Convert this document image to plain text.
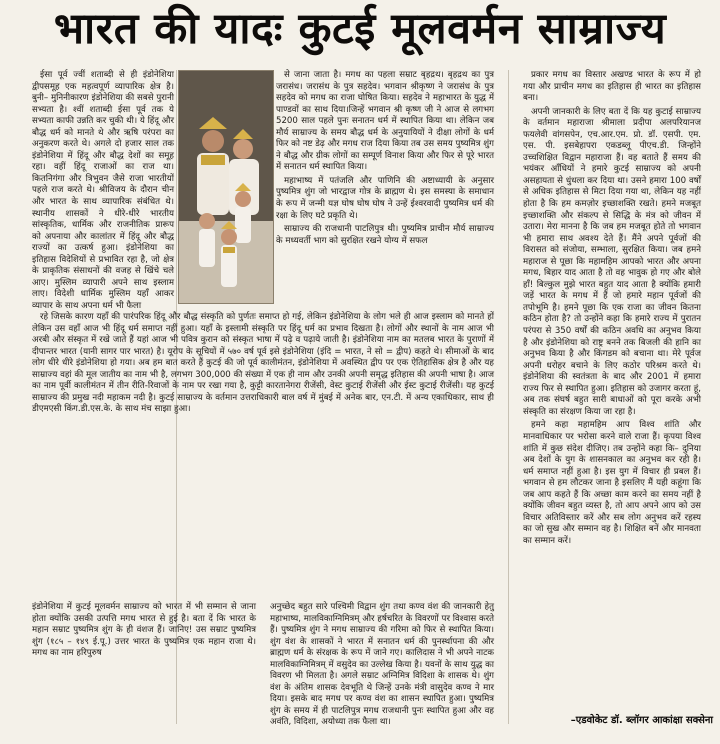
भारत की यादः कुटई मूलवर्मन साम्राज्य

ईसा पूर्व ज्वीं शताब्दी से ही इंडोनेशिया द्वीपसमूह एक महत्वपूर्ण व्यापारिक क्षेत्र है। बुनी– मुनिनीकारण इंडोनेशिया की सबसे पुरानी सभ्यता है। श्वीं शताब्दी ईसा पूर्व तक ये सभ्यता काफी उन्नति कर चुकी थी। ये हिंदू और बौद्ध धर्म को मानते थे और ऋषि परंपरा का अनुकरण करते थे। अगले दो हजार साल तक इंडोनेशिया में हिंदू और बौद्ध देशों का समूह रहा। वहीं हिंदू राजाओं का राज था। कितनिगंगा और त्रिभुवन जैसे राजा भारतीयों पहले राज करते थे। श्रीविजय के दौरान चीन और भारत के साथ व्यापारिक संबंधित थे। स्थानीय शासकों ने धीरे-धीरे भारतीय सांस्कृतिक, धार्मिक और राजनीतिक प्रारूप को अपनाया और कालांतर में हिंदू और बौद्ध राज्यों का उत्कर्ष हुआ। इंडोनेशिया का इतिहास विदेशियों से प्रभावित रहा है, जो क्षेत्र के प्राकृतिक संसाधनों की वजह से खिंचे चले आए। मुस्लिम व्यापारी अपने साथ इस्लाम लाए। विदेशी धार्मिक मुस्लिम यहाँ आकर व्यापार के साथ अपना धर्म भी फैला

से जाना जाता है। मगध का पहला सम्राट बृहद्रथ। बृहद्रथ का पुत्र जरासंध। जरासंध के पुत्र सहदेव। भगवान श्रीकृष्ण ने जरासंध के पुत्र सहदेव को मगध का राजा घोषित किया। सहदेव ने महाभारत के युद्ध में पाण्डवों का साथ दिया।जिन्हें भगवान श्री कृष्ण जी ने आज से लगभग 5200 साल पहले पुनः सनातन धर्म में स्थापित किया था। लेकिन जब मौर्य साम्राज्य के समय बौद्ध धर्म के अनुयायियों ने दीक्षा लोगों के धर्म फिर को नष्ट डेढ़ और मगध राज दिया किया तब उस समय पुष्यमित्र शुंग ने बौद्ध और ग्रीक लोगों का सम्पूर्ण विनाश किया और फिर से पूरे भारत में सनातन धर्म स्थापित किया।

महाभाष्य में पतंजलि और पाणिनि की अष्टाध्यायी के अनुसार पुष्यमित्र शुंग जो भारद्वाज गोत्र के ब्राह्मण थे। इस समस्या के समाधान के रूप में जन्मी यज्ञ घोष घोष घोष ने उन्हें ईश्वरवादी पुष्यमित्र धर्म की रक्षा के लिए घटे प्रकृति थे।

साम्राज्य की राजधानी पाटलिपुत्र थी। पुष्यमित्र प्राचीन मौर्य साम्राज्य के मध्यवर्ती भाग को सुरक्षित रखने योग्य में सफल

रहे जिसके कारण यहाँ की पारंपरिक हिंदू और बौद्ध संस्कृति को पुर्णतः समाप्त हो गई, लेकिन इंडोनेशिया के लोग भले ही आज इस्लाम को मानते हों लेकिन उस वहाँ आज भी हिंदू धर्म समाप्त नहीं हुआ। यहाँ के इस्लामी संस्कृति पर हिंदू धर्म का प्रभाव दिखता है। लोगों और स्थानों के नाम आज भी अरबी और संस्कृत में रखे जाते हैं यहां आज भी पवित्र कुरान को संस्कृत भाषा में पढ़े व पढ़ाये जाती है। इंडोनेशिया नाम का मतलब भारत के पुराणों में दीपान्तर भारत (यानी सागर पार भारत) है। यूरोप के सूचियों में ५७० वर्ष पूर्व इसे इंडोनेशिया (इंदि = भारत, ने सो = द्वीप) कहते थे। सीमाओं के बाद लोग धीरे धीरे इंडोनेशिया हो गया। अब हम बात करते हैं कुटई की जो पूर्व कालीमंतन, इंडोनेशिया में अवस्थित द्वीप पर एक ऐतिहासिक क्षेत्र है और यह साम्राज्य वहां की मूल जातीय का नाम भी है, लगभग 300,000 की संख्या में एक ही नाम और उनकी अपनी समृद्ध इतिहास की अपनी भाषा है। आज का नाम पूर्वी कालीमंतन में तीन रीति-रिवाजों के नाम पर रखा गया है, कुट्टी कारतानेगरा रीजेंसी, वेस्ट कुटाई रीजेंसी और ईस्ट कुटाई रीजेंसी। यह कुटई साम्राज्य की प्रमुख नदी महाकम नदी है। कुटई साम्राज्य के वर्तमान उत्तराधिकारी बाल वर्ष में मुंबई में अनेक बार, एन.टी. में अन्य एकाधिकार, साथ ही डीएमएसी किंग.डी.एस.के. के साथ मंच साझा हुआ।

इंडोनेशिया में कुटई मूलवर्मन साम्राज्य को भारत में भी सम्मान से जाना होता क्योंकि उसकी उत्पत्ति मगध भारत से हुई है। बता दें कि भारत के महान सम्राट पुष्यमित्र शुंग के ही वंशज हैं। जानिए! उस सम्राट पुष्यमित्र शुंग (१८५ – १४९ ई.पू.) उत्तर भारत के पुष्यमित्र एक महान राजा थे। मगध का नाम हरिपुरुष
अनुच्छेद बहुत सारे पश्चिमी विद्वान शुंग तथा कण्व वंश की जानकारी हेतु महाभाष्य, मालविकाग्निमित्रम् और हर्षचरित के विवरणों पर विश्वास करते हैं। पुष्यमित्र शुंग ने मगध साम्राज्य की गरिमा को फिर से स्थापित किया। शुंग वंश के शासकों ने भारत में सनातन धर्म की पुनर्स्थापना की और ब्राह्मण धर्म के संरक्षक के रूप में जाने गए। कालिदास ने भी अपने नाटक मालविकाग्निमित्रम् में वसुदेव का उल्लेख किया है। यवनों के साथ युद्ध का विवरण भी मिलता है। अगले सम्राट अग्निमित्र विदिशा के शासक थे। शुंग वंश के अंतिम शासक देवभूति थे जिन्हें उनके मंत्री वासुदेव कण्व ने मार दिया। इसके बाद मगध पर कण्व वंश का शासन स्थापित हुआ। पुष्यमित्र शुंग के समय में ही पाटलिपुत्र मगध राजधानी पुनः स्थापित हुआ और वह अवंति, विदिशा, अयोध्या तक फैला था।

प्रकार मगध का विस्तार अखण्ड भारत के रूप में हो गया और प्राचीन मगध का इतिहास ही भारत का इतिहास बना।

अपनी जानकारी के लिए बता दें कि यह कुटाई साम्राज्य के वर्तमान महाराजा श्रीमाला प्रदीपा अलपरियानज फयलेवी वांगसपेन, एच.आर.एम. प्रो. डॉ. एसपी. एम. एस. पी. इसबेहापरा एकडब्लू पीएच.डी. जिन्होंने उच्चशिक्षित विद्वान महाराजा हैं। वह बताते हैं समय की भयंकर आँधियों ने हमारे कुटई साम्राज्य को अपनी असहायता से धुंधला कर दिया था। उसने हमारा 100 वर्षों से अधिक इतिहास से मिटा दिया गया था, लेकिन यह नहीं होता है कि हम कमज़ोर इच्छाशक्ति रखते। हमने मजबूत इच्छाशक्ति और संकल्प से सिद्धि के मंत्र को जीवन में उतारा। मेरा मानना है कि जब हम मजबूत होते तो भगवान भी हमारा साथ अवश्य देते हैं। मैंने अपने पूर्वजों की विरासत को संजोया, सम्भाला, सुरक्षित किया। जब हमने महाराज से पूछा कि महामहिम आपको भारत और अपना मगध, बिहार याद आता है तो वह भावुक हो गए और बोले हाँ! बिल्कुल मुझे भारत बहुत याद आता है क्योंकि हमारी जड़ें भारत के मगध में हैं जो हमारे महान पूर्वजों की तपोभूमि है। हमने पूछा कि एक राजा का जीवन कितना कठिन होता है? तो उन्होंने कहा कि हमारे राज्य में पुरातन परंपरा से 350 वर्षों की कठिन अवधि का अनुभव किया है और इंडोनेशिया को राष्ट्र बनने तक बिजली की हानि का अनुभव किया है और किंगडम को बचाना था। मेरे पूर्वज अपनी धरोहर बचाने के लिए कठोर परिश्रम करते थे। इंडोनेशिया की स्वतंत्रता के बाद और 2001 में हमारा राज्य फिर से स्थापित हुआ। इतिहास को उजागर करता हूं, अब तक संघर्ष बहुत सारी बाधाओं को पूरा करके अभी संस्कृति का संरक्षण किया जा रहा है।

हमने कहा महामहिम आप विश्व शांति और मानवाधिकार पर भरोसा करने वाले राजा हैं। कृपया विश्व शांति में कुछ संदेश दीजिए। तब उन्होंने कहा कि– दुनिया अब देशों के युग के शासनकाल का अनुभव कर रही है। धर्म समाप्त नहीं हुआ है। इस युग में विचार ही प्रबल हैं। भगवान से हम लौटकर जाना है इसलिए मैं यही कहूंगा कि जब आप कहते हैं कि अच्छा काम करने का समय नहीं है क्योंकि जीवन बहुत व्यस्त है, तो आप अपने आप को उस विचार अतिविस्तार करें और सब लोग अनुभव करें रहस्य का जो सुख और सम्मान वह है। शिक्षित बनें और मानवता का सम्मान करें।

–एडवोकेट डॉ. ब्लॉगर आकांक्षा सक्सेना
